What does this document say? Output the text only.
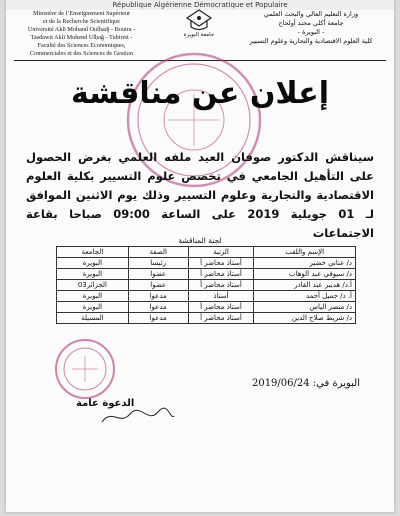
République Algérienne Démocratique et Populaire
Ministère de l’Enseignement Supérieur
et de la Recherche Scientifique
Université Akli Mohand Oulhadj - Bouira -
Tasdawit Akli Muhend Ulḥağ - Tubirett -
Faculté des Sciences Economiques,
Commerciales et des Sciences de Gestion
جامعة البويرة
وزارة التعليم العالي والبحث العلمي
جامعة أكلي محند أولحاج
- البويرة -
كلية العلوم الاقتصادية والتجارية وعلوم التسيير
إعلان عن مناقشة
سيناقش الدكتور صوفان العيد ملفه العلمي بغرض الحصول على التأهيل الجامعي في تخصص علوم التسيير بكلية العلوم الاقتصادية والتجارية وعلوم التسيير وذلك يوم الاثنين الموافق لـ 01 جويلية 2019 على الساعة 09:00 صباحا بقاعة الاجتماعات
لجنة المناقشة
الإسم واللقب	الرتبة	الصفة	الجامعة
د/ عناني خضير	أستاذ محاضر أ	رئيسا	البويرة
د/ سيوفي عبد الوهاب	أستاذ محاضر أ	عضوا	البويرة
أ.د/ هديبر عبد القادر	أستاذ محاضر أ	عضوا	الجزائر03
أ. د/ جميل أحمد	أستاذ	مدعوا	البويرة
د/ منصر الياس	أستاذ محاضر أ	مدعوا	البويرة
د/ شريط صلاح الدين	أستاذ محاضر أ	مدعوا	المسيلة
البويرة في: 2019/06/24
الدعوة عامة
